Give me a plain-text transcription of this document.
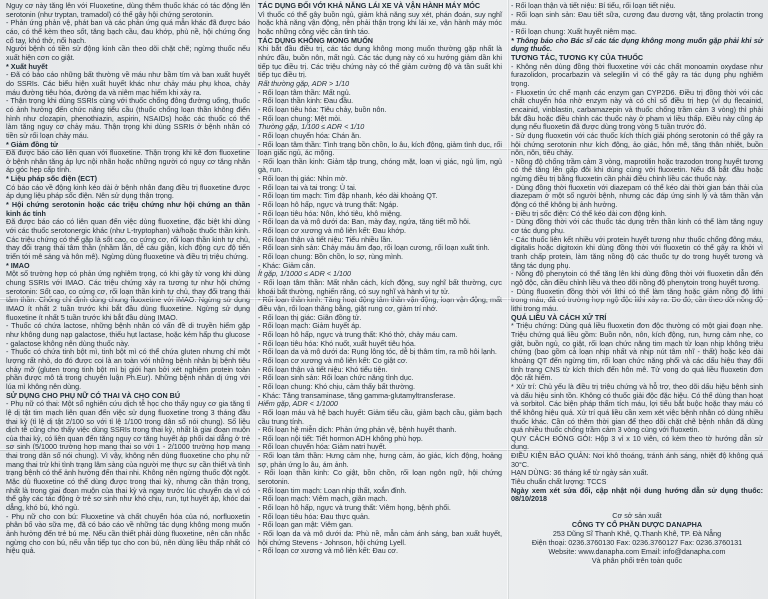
Nguy cơ này tăng lên với Fluoxetine, dùng thêm thuốc khác có tác động lên serotonin (như tryptan, tramadol) có thể gây hội chứng serotonin.

- Phản ứng phản vệ, phát ban và các phản ứng quá mẫn khác đã được báo cáo, có thể kèm theo sốt, tăng bạch cầu, đau khớp, phù nề, hội chứng ống cổ tay, khó thở, nổi hạch.

Người bệnh có tiền sử động kinh cần theo dõi chặt chẽ; ngừng thuốc nếu xuất hiện cơn co giật.

* Xuất huyết

- Đã có báo cáo những bất thường về máu như bầm tím và ban xuất huyết do SSRIs. Các biểu hiện xuất huyết khác như chảy máu phụ khoa, chảy máu đường tiêu hóa, đường da và niêm mạc hiếm khi xảy ra.

- Thận trọng khi dùng SSRIs cùng với thuốc chống đông đường uống, thuốc có ảnh hưởng đến chức năng tiểu cầu (thuốc chống loạn thần không điển hình như clozapin, phenothiazin, aspirin, NSAIDs) hoặc các thuốc có thể làm tăng nguy cơ chảy máu. Thận trọng khi dùng SSRIs ở bệnh nhân có tiền sử rối loạn chảy máu.

* Giảm đồng tử

Đã được báo cáo liên quan với fluoxetine. Thận trọng khi kê đơn fluoxetine ở bệnh nhân tăng áp lực nội nhãn hoặc những người có nguy cơ tăng nhãn áp góc hẹp cấp tính.

* Liệu pháp sốc điện (ECT)

Có báo cáo về động kinh kéo dài ở bệnh nhân đang điều trị fluoxetine được áp dụng liệu pháp sốc điện. Nên sử dụng thận trọng.

* Hội chứng serotonin hoặc các triệu chứng như hội chứng an thần kinh ác tính

Đã được báo cáo có liên quan đến việc dùng fluoxetine, đặc biệt khi dùng với các thuốc serotonergic khác (như L-tryptophan) và/hoặc thuốc thần kinh. Các triệu chứng có thể gặp là sốt cao, co cứng cơ, rối loạn thần kinh tự chủ, thay đổi trạng thái tâm thần (nhầm lẫn, dễ cáu giận, kích động cực độ tiến triển tới mê sảng và hôn mê). Ngừng dùng fluoxetine và điều trị triệu chứng.

* IMAO

Một số trường hợp có phản ứng nghiêm trọng, có khi gây tử vong khi dùng chung SSRIs với IMAO. Các triệu chứng xảy ra tương tự như hội chứng serotonin: Sốt cao, co cứng cơ, rối loạn thần kinh tự chủ, thay đổi trạng thái tâm thần. Chống chỉ định dùng chung fluoxetine với IMAO. Ngừng sử dụng IMAO ít nhất 2 tuần trước khi bắt đầu dùng fluoxetine. Ngừng sử dụng fluoxetine ít nhất 5 tuần trước khi bắt đầu dùng IMAO.

- Thuốc có chứa lactose, những bệnh nhân có vấn đề di truyền hiếm gặp như không dung nạp galactose, thiếu hụt lactase, hoặc kém hấp thu glucose - galactose không nên dùng thuốc này.

- Thuốc có chứa tinh bột mì, tinh bột mì có thể chứa gluten nhưng chỉ một lượng rất nhỏ, do đó được coi là an toàn với những bệnh nhân bị bệnh tiêu chảy mỡ (gluten trong tinh bột mì bị giới hạn bởi xét nghiệm protein toàn phần được mô tả trong chuyên luận Ph.Eur). Những bệnh nhân dị ứng với lúa mì không nên dùng.

SỬ DỤNG CHO PHỤ NỮ CÓ THAI VÀ CHO CON BÚ

- Phụ nữ có thai: Một số nghiên cứu dịch tễ học cho thấy nguy cơ gia tăng tỉ lệ dị tật tim mạch liên quan đến việc sử dụng fluoxetine trong 3 tháng đầu thai kỳ (tỉ lệ dị tật 2/100 so với tỉ lệ 1/100 trong dân số nói chung). Số liệu dịch tễ cũng cho thấy việc dùng SSRIs trong thai kỳ, nhất là giai đoạn muộn của thai kỳ, có liên quan đến tăng nguy cơ tăng huyết áp phổi dai dẳng ở trẻ sơ sinh (5/1000 trường hợp mang thai so với 1 - 2/1000 trường hợp mang thai trong dân số nói chung). Vì vậy, không nên dùng fluoxetine cho phụ nữ mang thai trừ khi tình trạng lâm sàng của người mẹ thực sự cần thiết và tình trạng bệnh có thể ảnh hưởng đến thai nhi. Không nên ngừng thuốc đột ngột. Mặc dù fluoxetine có thể dùng được trong thai kỳ, nhưng cần thận trọng, nhất là trong giai đoạn muộn của thai kỳ và ngay trước lúc chuyển dạ vì có thể gây các tác động ở trẻ sơ sinh như khó chịu, run, tụt huyết áp, khóc dai dẳng, khó bú, khó ngủ.

- Phụ nữ cho con bú: Fluoxetine và chất chuyển hóa của nó, norfluoxetin phân bố vào sữa mẹ, đã có báo cáo về những tác dụng không mong muốn ảnh hưởng đến trẻ bú mẹ. Nếu cần thiết phải dùng fluoxetine, nên cân nhắc ngừng cho con bú, nếu vẫn tiếp tục cho con bú, nên dùng liều thấp nhất có hiệu quả.

TÁC DỤNG ĐỐI VỚI KHẢ NĂNG LÁI XE VÀ VẬN HÀNH MÁY MÓC

Vì thuốc có thể gây buồn ngủ, giảm khả năng suy xét, phán đoán, suy nghĩ hoặc khả năng vận động, nên phải thận trọng khi lái xe, vận hành máy móc hoặc những công việc cần tỉnh táo.

TÁC DỤNG KHÔNG MONG MUỐN

Khi bắt đầu điều trị, các tác dụng không mong muốn thường gặp nhất là nhức đầu, buồn nôn, mất ngủ. Các tác dụng này có xu hướng giảm dần khi tiếp tục điều trị. Các triệu chứng này có thể giảm cường độ và tần suất khi tiếp tục điều trị.

Rất thường gặp, ADR > 1/10

- Rối loạn tâm thần: Mất ngủ.

- Rối loạn thần kinh: Đau đầu.

- Rối loạn tiêu hóa: Tiêu chảy, buồn nôn.

- Rối loạn chung: Mệt mỏi.

Thường gặp, 1/100 ≤ ADR < 1/10

- Rối loạn chuyển hóa: Chán ăn.

- Rối loạn tâm thần: Tình trạng bồn chồn, lo âu, kích động, giảm tình dục, rối loạn giấc ngủ, ác mộng.

- Rối loạn thần kinh: Giảm tập trung, chóng mặt, loạn vị giác, ngủ lịm, ngủ gà, run.

- Rối loạn thị giác: Nhìn mờ.

- Rối loạn tai và tai trong: Ù tai.

- Rối loạn tim mạch: Tim đập nhanh, kéo dài khoảng QT.

- Rối loạn hô hấp, ngực và trung thất: Ngáp.

- Rối loạn tiêu hóa: Nôn, khó tiêu, khô miệng.

- Rối loạn da và mô dưới da: Ban, mày đay, ngứa, tăng tiết mồ hôi.

- Rối loạn cơ xương và mô liên kết: Đau khớp.

- Rối loạn thận và tiết niệu: Tiểu nhiều lần.

- Rối loạn sinh sản: Chảy máu âm đạo, rối loạn cương, rối loạn xuất tinh.

- Rối loạn chung: Bồn chồn, lo sợ, rùng mình.

- Khác: Giảm cân.

Ít gặp, 1/1000 ≤ ADR < 1/100

- Rối loạn tâm thần: Mất nhân cách, kích động, suy nghĩ bất thường, cực khoái bất thường, nghiến răng, có suy nghĩ và hành vi tự tử.

- Rối loạn thần kinh: Tăng hoạt động tâm thần vận động, loạn vận động, mất điều vận, rối loạn thăng bằng, giật rung cơ, giảm trí nhớ.

- Rối loạn thị giác: Giãn đồng tử.

- Rối loạn mạch: Giảm huyết áp.

- Rối loạn hô hấp, ngực và trung thất: Khó thở, chảy máu cam.

- Rối loạn tiêu hóa: Khó nuốt, xuất huyết tiêu hóa.

- Rối loạn da và mô dưới da: Rụng lông tóc, dễ bị thâm tím, ra mồ hôi lạnh.

- Rối loạn cơ xương và mô liên kết: Co giật cơ.

- Rối loạn thận và tiết niệu: Khó tiểu tiện.

- Rối loạn sinh sản: Rối loạn chức năng tình dục.

- Rối loạn chung: Khó chịu, cảm thấy bất thường.

- Khác: Tăng transaminase, tăng gamma-glutamyltransferase.

Hiếm gặp, ADR < 1/1000

- Rối loạn máu và hệ bạch huyết: Giảm tiểu cầu, giảm bạch cầu, giảm bạch cầu trung tính.

- Rối loạn hệ miễn dịch: Phản ứng phản vệ, bệnh huyết thanh.

- Rối loạn nội tiết: Tiết hormon ADH không phù hợp.

- Rối loạn chuyển hóa: Giảm natri huyết.

- Rối loạn tâm thần: Hưng cảm nhẹ, hưng cảm, ảo giác, kích động, hoảng sợ, phản ứng lo âu, ám ảnh.

- Rối loạn thần kinh: Co giật, bồn chồn, rối loạn ngôn ngữ, hội chứng serotonin.

- Rối loạn tim mạch: Loạn nhịp thất, xoắn đỉnh.

- Rối loạn mạch: Viêm mạch, giãn mạch.

- Rối loạn hô hấp, ngực và trung thất: Viêm họng, bệnh phổi.

- Rối loạn tiêu hóa: Đau thực quản.

- Rối loạn gan mật: Viêm gan.

- Rối loạn da và mô dưới da: Phù nề, mẫn cảm ánh sáng, ban xuất huyết, hội chứng Stevens - Johnson, hội chứng Lyell.

- Rối loạn cơ xương và mô liên kết: Đau cơ.

- Rối loạn thận và tiết niệu: Bí tiểu, rối loạn tiết niệu.

- Rối loạn sinh sản: Đau tiết sữa, cương đau dương vật, tăng prolactin trong máu.

- Rối loạn chung: Xuất huyết niêm mạc.

* Thông báo cho Bác sĩ các tác dụng không mong muốn gặp phải khi sử dụng thuốc.

TƯƠNG TÁC, TƯƠNG KỴ CỦA THUỐC

- Không nên dùng đồng thời fluoxetine với các chất monoamin oxydase như furazolidon, procarbazin và selegilin vì có thể gây ra tác dụng phụ nghiêm trọng.

- Fluoxetin ức chế mạnh các enzym gan CYP2D6. Điều trị đồng thời với các chất chuyển hóa nhờ enzym này và có chỉ số điều trị hẹp (ví dụ flecainid, encainid, vinblastin, carbamazepin và thuốc chống trầm cảm 3 vòng) thì phải bắt đầu hoặc điều chỉnh các thuốc này ở phạm vi liều thấp. Điều này cũng áp dụng nếu fluoxetin đã được dùng trong vòng 5 tuần trước đó.

- Sử dụng fluoxetin với các thuốc kích thích giải phóng serotonin có thể gây ra hội chứng serotonin như kích động, ảo giác, hôn mê, tăng thân nhiệt, buồn nôn, nôn, tiêu chảy.

- Nồng độ chống trầm cảm 3 vòng, maprotilin hoặc trazodon trong huyết tương có thể tăng lên gấp đôi khi dùng cùng với fluoxetin. Nếu đã bắt đầu hoặc ngừng điều trị bằng fluoxetin cần phải điều chỉnh liều các thuốc này.

- Dùng đồng thời fluoxetin với diazepam có thể kéo dài thời gian bán thải của diazepam ở một số người bệnh, nhưng các đáp ứng sinh lý và tâm thần vận động có thể không bị ảnh hưởng.

- Điều trị sốc điện: Có thể kéo dài cơn động kinh.

- Dùng đồng thời với các thuốc tác dụng trên thần kinh có thể làm tăng nguy cơ tác dụng phụ.

- Các thuốc liên kết nhiều với protein huyết tương như thuốc chống đông máu, digitalis hoặc digitoxin khi dùng đồng thời với fluoxetin có thể gây ra khởi vì tranh chấp protein, làm tăng nồng độ các thuốc tự do trong huyết tương và tăng tác dụng phụ.

- Nồng độ phenytoin có thể tăng lên khi dùng đồng thời với fluoxetin dẫn đến ngộ độc, cần điều chỉnh liều và theo dõi nồng độ phenytoin trong huyết tương.

- Dùng fluoxetin đồng thời với lithi có thể làm tăng hoặc giảm nồng độ lithi trong máu, đã có trường hợp ngộ độc lithi xảy ra. Do đó, cần theo dõi nồng độ lithi trong máu.

QUÁ LIỀU VÀ CÁCH XỬ TRÍ

* Triệu chứng: Dùng quá liều fluoxetin đơn độc thường có một giai đoạn nhẹ. Triệu chứng quá liều gồm: Buồn nôn, nôn, kích động, run, hưng cảm nhẹ, co giật, buồn ngủ, co giật, rối loạn chức năng tim mạch từ loạn nhịp không triệu chứng (bao gồm cả loạn nhịp nhất và nhịp nút tâm nhĩ - thất) hoặc kéo dài khoảng QT đến ngừng tim, rối loạn chức năng phổi và các dấu hiệu thay đổi tình trạng CNS từ kích thích đến hôn mê. Tử vong do quá liều fluoxetin đơn độc rất hiếm.

* Xử trí: Chủ yếu là điều trị triệu chứng và hỗ trợ, theo dõi dấu hiệu bệnh sinh và dấu hiệu sinh tồn. Không có thuốc giải độc đặc hiệu. Có thể dùng than hoạt và sorbitol. Các biện pháp thẩm tích máu, lợi tiểu bắt buộc hoặc thay máu có thể không hiệu quả. Xử trí quá liều cần xem xét việc bệnh nhân có dùng nhiều thuốc khác. Cần có thêm thời gian để theo dõi chặt chẽ bệnh nhân đã dùng quá nhiều thuốc chống trầm cảm 3 vòng cùng với fluoxetin.

QUY CÁCH ĐÓNG GÓI: Hộp 3 vỉ x 10 viên, có kèm theo tờ hướng dẫn sử dụng.

ĐIỀU KIỆN BẢO QUẢN: Nơi khô thoáng, tránh ánh sáng, nhiệt độ không quá 30°C.

HẠN DÙNG: 36 tháng kể từ ngày sản xuất.

Tiêu chuẩn chất lượng: TCCS

Ngày xem xét sửa đổi, cập nhật nội dung hướng dẫn sử dụng thuốc: 08/10/2018

Cơ sở sản xuất
CÔNG TY CỔ PHẦN DƯỢC DANAPHA
253 Dũng Sĩ Thanh Khê, Q.Thanh Khê, TP. Đà Nẵng
Điện thoại: 0236.3760130 Fax: 0236.3760127 Fax: 0236.3760131
Website: www.danapha.com Email: info@danapha.com
Và phân phối trên toàn quốc
